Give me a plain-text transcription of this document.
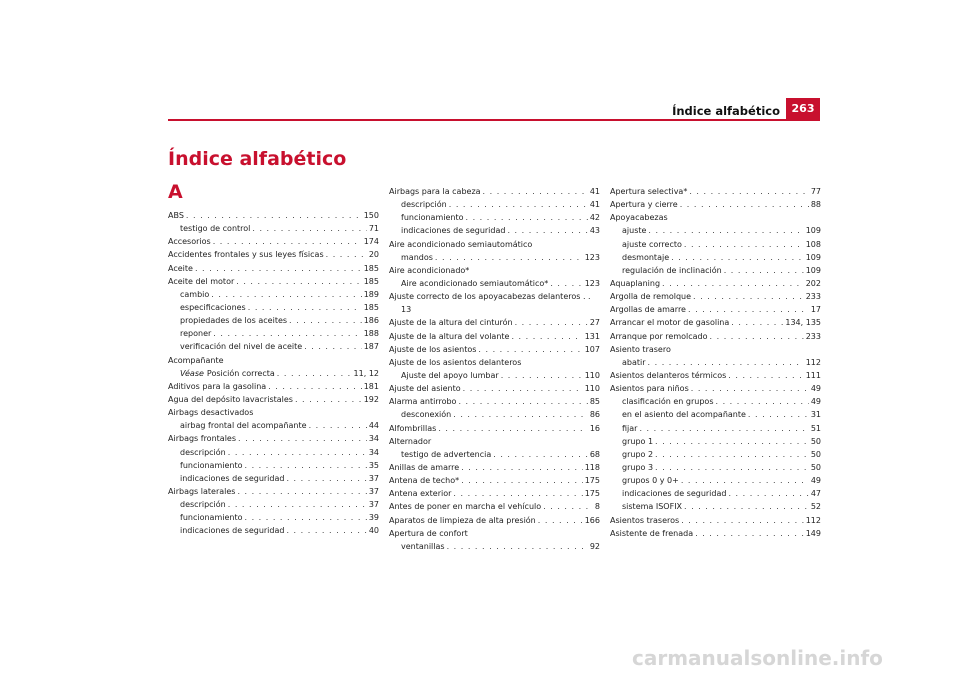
Índice alfabético	263
Índice alfabético
A
ABS . . .	150
testigo de control . . .	71
Accesorios . . .	174
Accidentes frontales y sus leyes físicas . . .	20
Aceite . . .	185
Aceite del motor . . .	185
cambio . . .	189
especificaciones . . .	185
propiedades de los aceites . . .	186
reponer . . .	188
verificación del nivel de aceite . . .	187
Acompañante
Véase Posición correcta . . .	11, 12
Aditivos para la gasolina . . .	181
Agua del depósito lavacristales . . .	192
Airbags desactivados
airbag frontal del acompañante . . .	44
Airbags frontales . . .	34
descripción . . .	34
funcionamiento . . .	35
indicaciones de seguridad . . .	37
Airbags laterales . . .	37
descripción . . .	37
funcionamiento . . .	39
indicaciones de seguridad . . .	40
Airbags para la cabeza . . .	41
descripción . . .	41
funcionamiento . . .	42
indicaciones de seguridad . . .	43
Aire acondicionado semiautomático
mandos . . .	123
Aire acondicionado*
Aire acondicionado semiautomático* . . .	123
Ajuste correcto de los apoyacabezas delanteros . .
13
Ajuste de la altura del cinturón . . .	27
Ajuste de la altura del volante . . .	131
Ajuste de los asientos . . .	107
Ajuste de los asientos delanteros
Ajuste del apoyo lumbar . . .	110
Ajuste del asiento . . .	110
Alarma antirrobo . . .	85
desconexión . . .	86
Alfombrillas . . .	16
Alternador
testigo de advertencia . . .	68
Anillas de amarre . . .	118
Antena de techo* . . .	175
Antena exterior . . .	175
Antes de poner en marcha el vehículo . . .	8
Aparatos de limpieza de alta presión . . .	166
Apertura de confort
ventanillas . . .	92
Apertura selectiva* . . .	77
Apertura y cierre . . .	88
Apoyacabezas
ajuste . . .	109
ajuste correcto . . .	108
desmontaje . . .	109
regulación de inclinación . . .	109
Aquaplaning . . .	202
Argolla de remolque . . .	233
Argollas de amarre . . .	17
Arrancar el motor de gasolina . . .	134, 135
Arranque por remolcado . . .	233
Asiento trasero
abatir . . .	112
Asientos delanteros térmicos . . .	111
Asientos para niños . . .	49
clasificación en grupos . . .	49
en el asiento del acompañante . . .	31
fijar . . .	51
grupo 1 . . .	50
grupo 2 . . .	50
grupo 3 . . .	50
grupos 0 y 0+ . . .	49
indicaciones de seguridad . . .	47
sistema ISOFIX . . .	52
Asientos traseros . . .	112
Asistente de frenada . . .	149
carmanualsonline.info
